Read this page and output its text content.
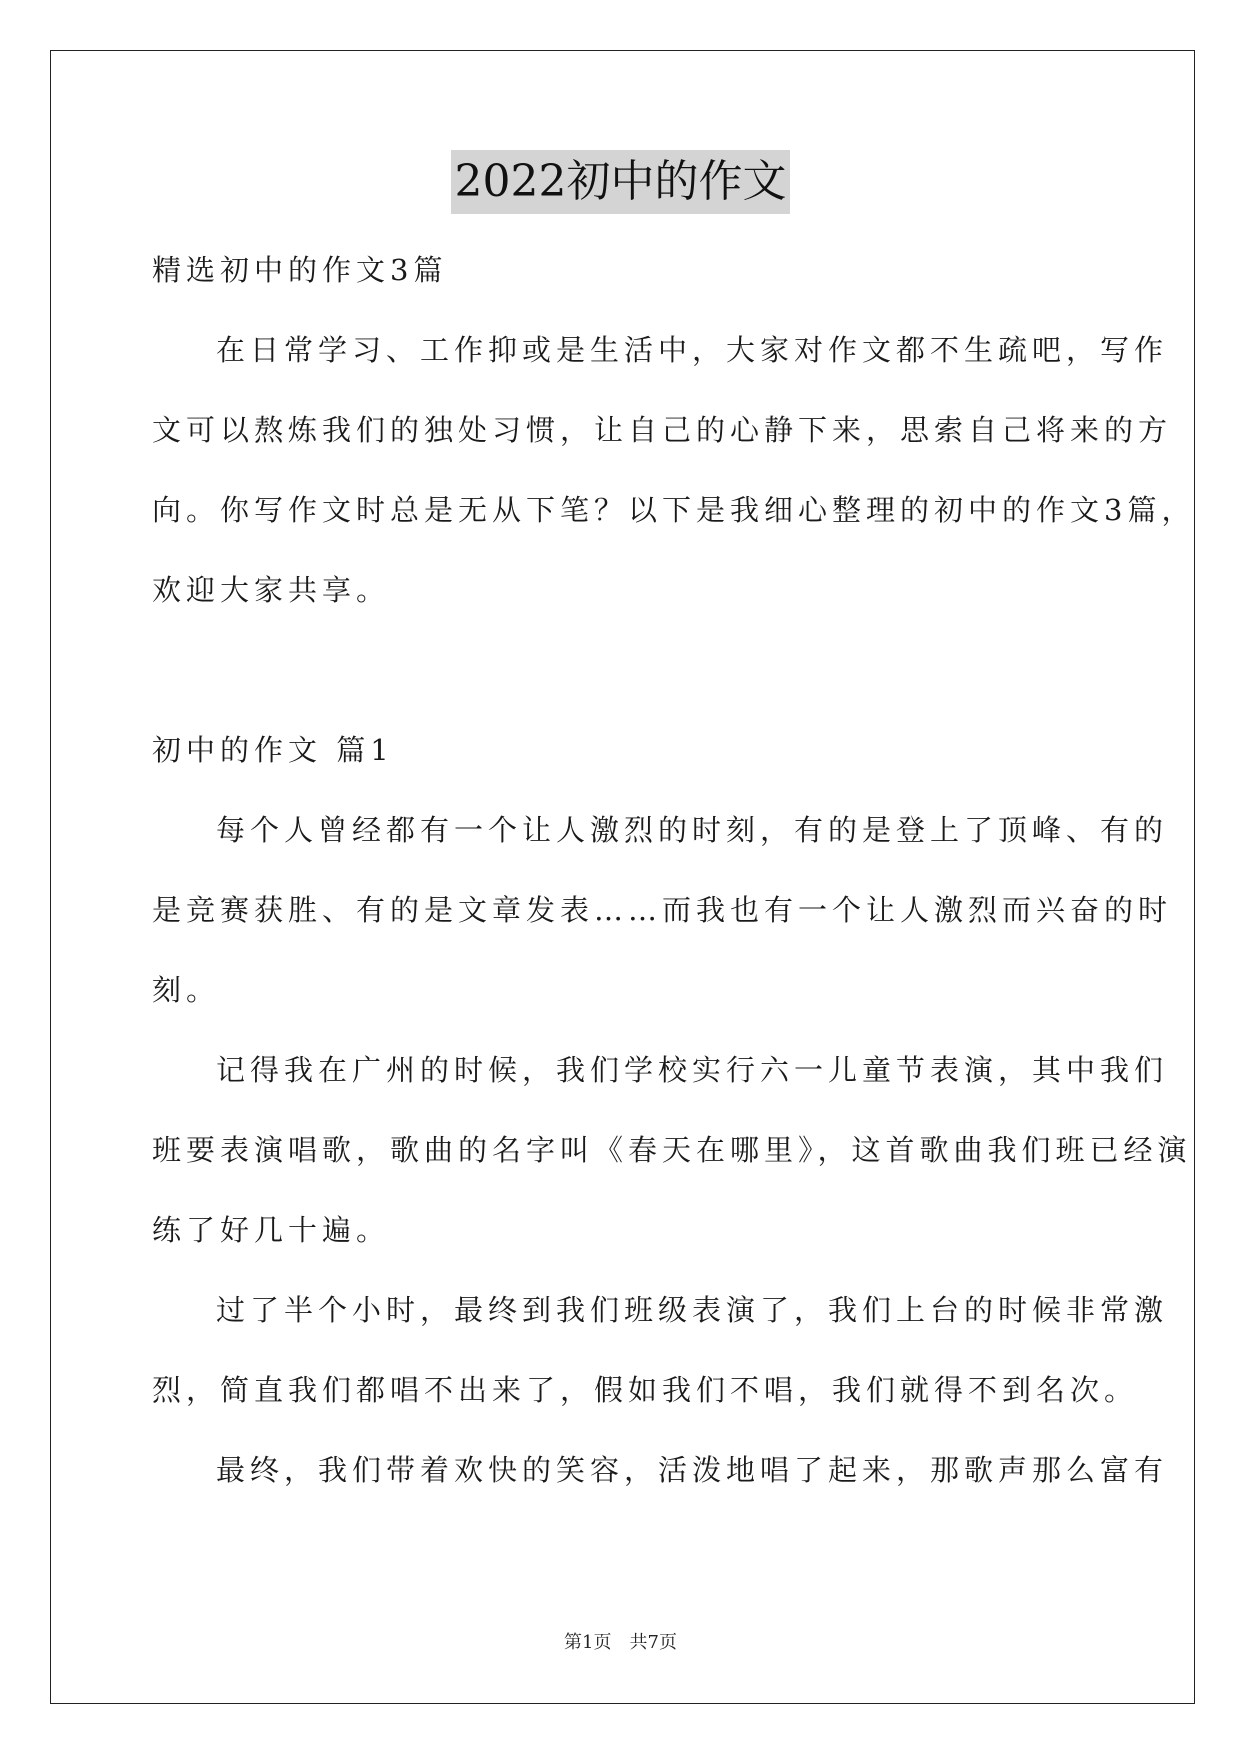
2022初中的作文
精选初中的作文3篇
在日常学习、工作抑或是生活中，大家对作文都不生疏吧，写作
文可以熬炼我们的独处习惯，让自己的心静下来，思索自己将来的方
向。你写作文时总是无从下笔？以下是我细心整理的初中的作文3篇，
欢迎大家共享。
初中的作文 篇1
每个人曾经都有一个让人激烈的时刻，有的是登上了顶峰、有的
是竞赛获胜、有的是文章发表……而我也有一个让人激烈而兴奋的时
刻。
记得我在广州的时候，我们学校实行六一儿童节表演，其中我们
班要表演唱歌，歌曲的名字叫《春天在哪里》，这首歌曲我们班已经演
练了好几十遍。
过了半个小时，最终到我们班级表演了，我们上台的时候非常激
烈，简直我们都唱不出来了，假如我们不唱，我们就得不到名次。
最终，我们带着欢快的笑容，活泼地唱了起来，那歌声那么富有
第1页　共7页
